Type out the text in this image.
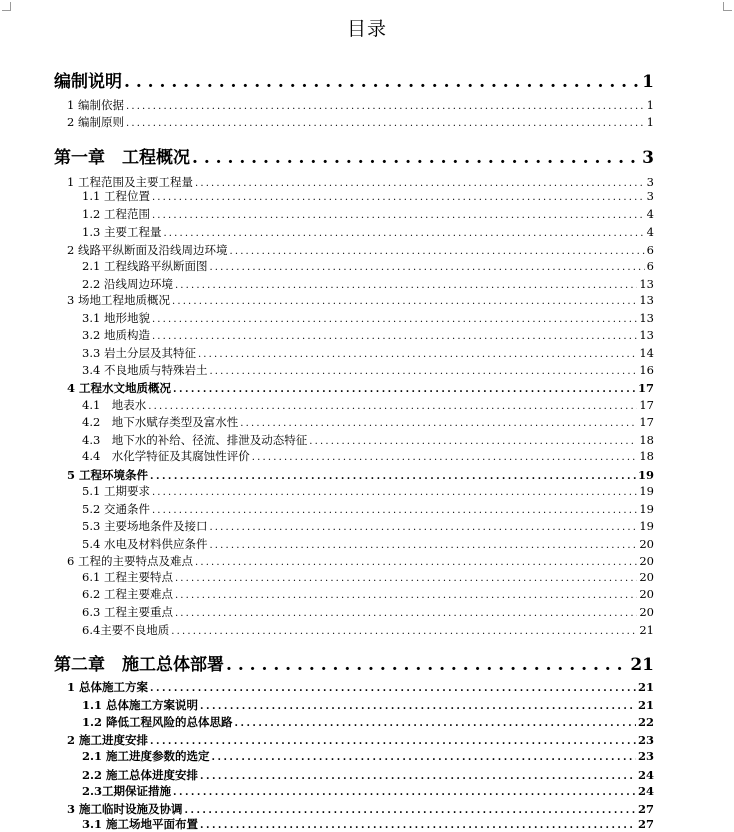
目录
编制说明 . . .	1
1 编制依据 . . .	1
2 编制原则 . . .	1
第一章　工程概况 . . .	3
1 工程范围及主要工程量 . . .	3
1.1 工程位置 . . .	3
1.2 工程范围 . . .	4
1.3 主要工程量 . . .	4
2 线路平纵断面及沿线周边环境 . . .	6
2.1 工程线路平纵断面图 . . .	6
2.2 沿线周边环境 . . .	13
3 场地工程地质概况 . . .	13
3.1 地形地貌 . . .	13
3.2 地质构造 . . .	13
3.3 岩土分层及其特征 . . .	14
3.4 不良地质与特殊岩土 . . .	16
4 工程水文地质概况 . . .	17
4.1　地表水 . . .	17
4.2　地下水赋存类型及富水性 . . .	17
4.3　地下水的补给、径流、排泄及动态特征 . . .	18
4.4　水化学特征及其腐蚀性评价 . . .	18
5 工程环境条件 . . .	19
5.1 工期要求 . . .	19
5.2 交通条件 . . .	19
5.3 主要场地条件及接口 . . .	19
5.4 水电及材料供应条件 . . .	20
6 工程的主要特点及难点 . . .	20
6.1 工程主要特点 . . .	20
6.2 工程主要难点 . . .	20
6.3 工程主要重点 . . .	20
6.4主要不良地质 . . .	21
第二章　施工总体部署 . . .	21
1 总体施工方案 . . .	21
1.1 总体施工方案说明 . . .	21
1.2 降低工程风险的总体思路 . . .	22
2 施工进度安排 . . .	23
2.1 施工进度参数的选定 . . .	23
2.2 施工总体进度安排 . . .	24
2.3工期保证措施 . . .	24
3 施工临时设施及协调 . . .	27
3.1 施工场地平面布置 . . .	27
